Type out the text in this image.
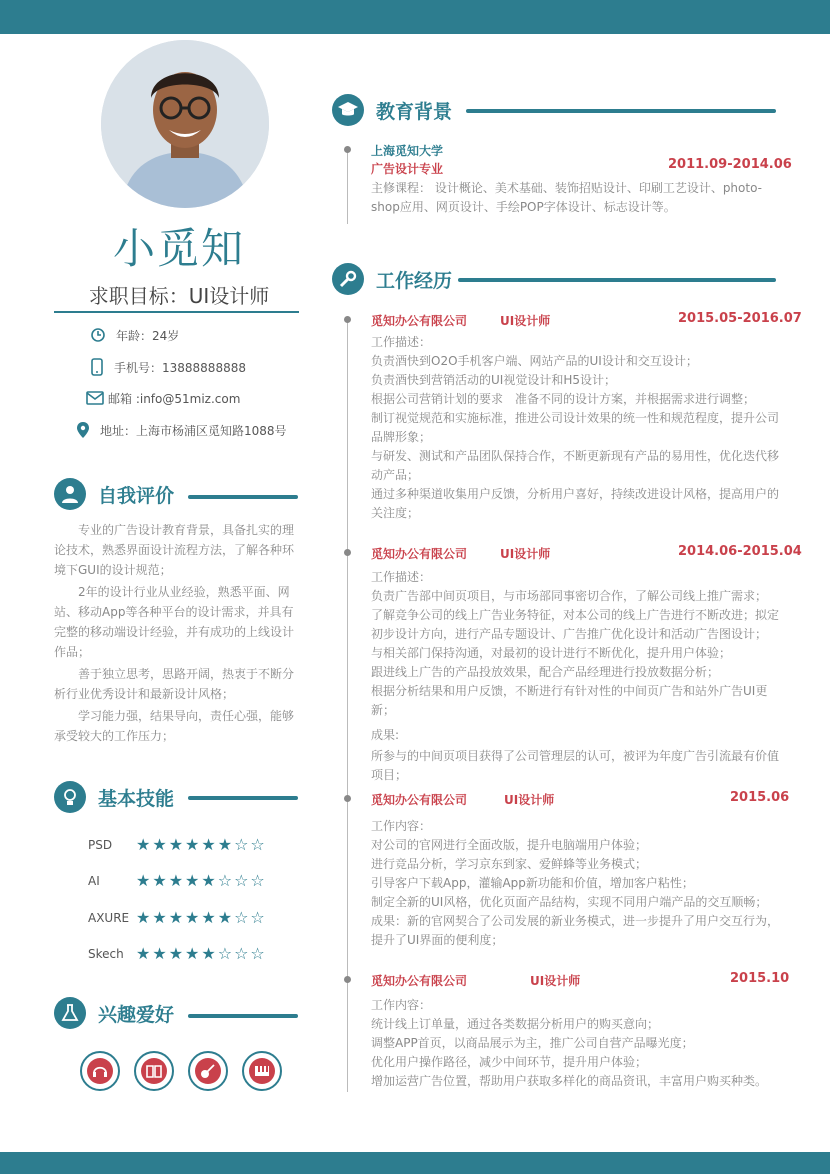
小觅知
求职目标：UI设计师
年龄：24岁
手机号：13888888888
邮箱 :info@51miz.com
地址：上海市杨浦区觅知路1088号
自我评价

专业的广告设计教育背景，具备扎实的理论技术，熟悉界面设计流程方法，了解各种环境下GUI的设计规范；

2年的设计行业从业经验，熟悉平面、网站、移动App等各种平台的设计需求，并具有完整的移动端设计经验，并有成功的上线设计作品；

善于独立思考，思路开阔，热衷于不断分析行业优秀设计和最新设计风格；

学习能力强，结果导向，责任心强，能够承受较大的工作压力；

基本技能
PSD	★ ★ ★ ★ ★ ★ ☆ ☆
AI	★ ★ ★ ★ ★ ☆ ☆ ☆
AXURE ★ ★ ★ ★ ★ ★ ☆ ☆
Skech ★ ★ ★ ★ ★ ☆ ☆ ☆
兴趣爱好
教育背景
上海觅知大学
广告设计专业	2011.09-2014.06
主修课程： 设计概论、美术基础、装饰招贴设计、印刷工艺设计、photo-shop应用、网页设计、手绘POP字体设计、标志设计等。
工作经历
觅知办公有限公司	UI设计师	2015.05-2016.07
工作描述：
负责酒快到O2O手机客户端、网站产品的UI设计和交互设计；
负责酒快到营销活动的UI视觉设计和H5设计；
根据公司营销计划的要求　准备不同的设计方案，并根据需求进行调整；
制订视觉规范和实施标准，推进公司设计效果的统一性和规范程度，提升公司品牌形象；
与研发、测试和产品团队保持合作，不断更新现有产品的易用性，优化迭代移动产品；
通过多种渠道收集用户反馈，分析用户喜好，持续改进设计风格，提高用户的关注度；
觅知办公有限公司	UI设计师	2014.06-2015.04
工作描述：
负责广告部中间页项目，与市场部同事密切合作，了解公司线上推广需求；
了解竞争公司的线上广告业务特征，对本公司的线上广告进行不断改进；拟定初步设计方向，进行产品专题设计、广告推广优化设计和活动广告图设计；
与相关部门保持沟通，对最初的设计进行不断优化，提升用户体验；
跟进线上广告的产品投放效果，配合产品经理进行投放数据分析；
根据分析结果和用户反馈，不断进行有针对性的中间页广告和站外广告UI更新；
成果:
所参与的中间页项目获得了公司管理层的认可，被评为年度广告引流最有价值项目；
觅知办公有限公司	UI设计师	2015.06
工作内容：
对公司的官网进行全面改版，提升电脑端用户体验；
进行竞品分析，学习京东到家、爱鲜蜂等业务模式；
引导客户下载App，灌输App新功能和价值，增加客户粘性；
制定全新的UI风格，优化页面产品结构，实现不同用户端产品的交互顺畅；
成果：新的官网契合了公司发展的新业务模式，进一步提升了用户交互行为，提升了UI界面的便利度；
觅知办公有限公司	UI设计师	2015.10
工作内容：
统计线上订单量，通过各类数据分析用户的购买意向；
调整APP首页，以商品展示为主，推广公司自营产品曝光度；
优化用户操作路径，减少中间环节，提升用户体验；
增加运营广告位置，帮助用户获取多样化的商品资讯，丰富用户购买种类。
